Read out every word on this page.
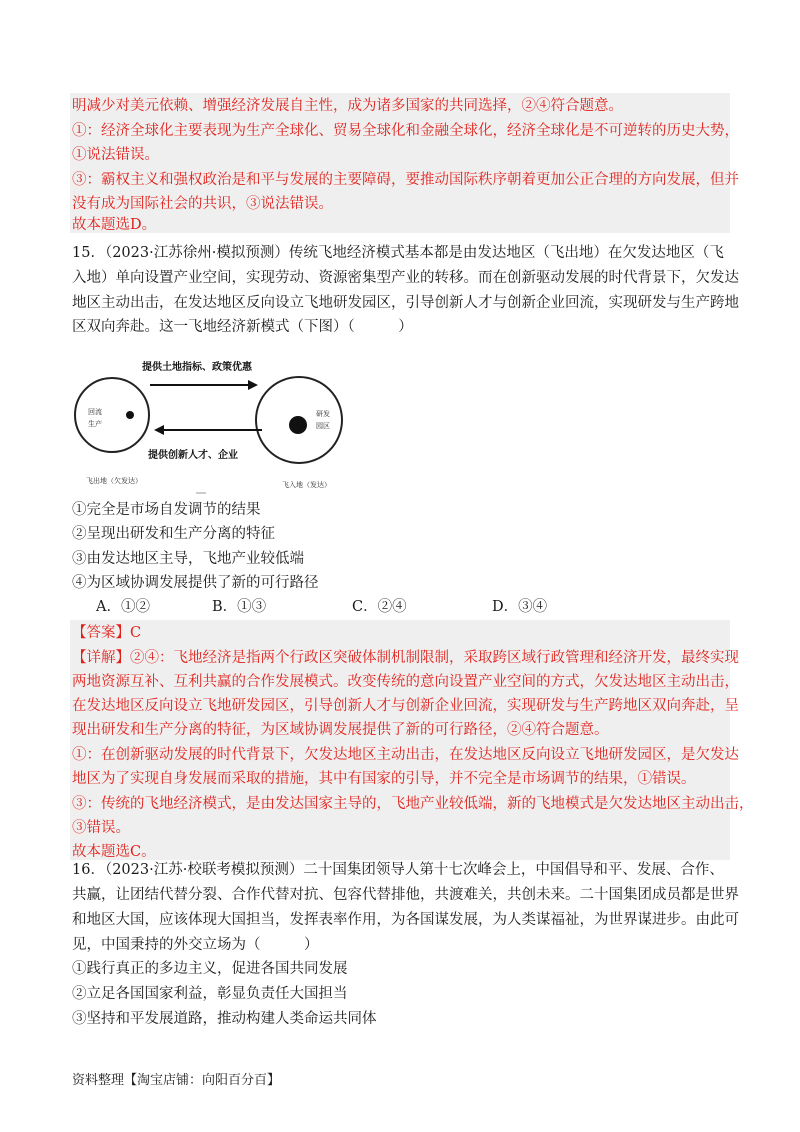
明减少对美元依赖、增强经济发展自主性，成为诸多国家的共同选择，②④符合题意。
①：经济全球化主要表现为生产全球化、贸易全球化和金融全球化，经济全球化是不可逆转的历史大势，
①说法错误。
③：霸权主义和强权政治是和平与发展的主要障碍，要推动国际秩序朝着更加公正合理的方向发展，但并
没有成为国际社会的共识，③说法错误。
故本题选D。
15．（2023·江苏徐州·模拟预测）传统飞地经济模式基本都是由发达地区（飞出地）在欠发达地区（飞
入地）单向设置产业空间，实现劳动、资源密集型产业的转移。而在创新驱动发展的时代背景下，欠发达
地区主动出击，在发达地区反向设立飞地研发园区，引导创新人才与创新企业回流，实现研发与生产跨地
区双向奔赴。这一飞地经济新模式（下图）（　　　）
回流
生产
研发
园区
提供土地指标、政策优惠
提供创新人才、企业
飞出地（欠发达）	飞入地（发达）
①完全是市场自发调节的结果
②呈现出研发和生产分离的特征
③由发达地区主导，飞地产业较低端
④为区域协调发展提供了新的可行路径
A．①②	B．①③	C．②④	D．③④
【答案】C
【详解】②④：飞地经济是指两个行政区突破体制机制限制，采取跨区域行政管理和经济开发，最终实现
两地资源互补、互利共赢的合作发展模式。改变传统的意向设置产业空间的方式，欠发达地区主动出击，
在发达地区反向设立飞地研发园区，引导创新人才与创新企业回流，实现研发与生产跨地区双向奔赴，呈
现出研发和生产分离的特征，为区域协调发展提供了新的可行路径，②④符合题意。
①：在创新驱动发展的时代背景下，欠发达地区主动出击，在发达地区反向设立飞地研发园区，是欠发达
地区为了实现自身发展而采取的措施，其中有国家的引导，并不完全是市场调节的结果，①错误。
③：传统的飞地经济模式，是由发达国家主导的，飞地产业较低端，新的飞地模式是欠发达地区主动出击，
③错误。
故本题选C。
16．（2023·江苏·校联考模拟预测）二十国集团领导人第十七次峰会上，中国倡导和平、发展、合作、
共赢，让团结代替分裂、合作代替对抗、包容代替排他，共渡难关，共创未来。二十国集团成员都是世界
和地区大国，应该体现大国担当，发挥表率作用，为各国谋发展，为人类谋福祉，为世界谋进步。由此可
见，中国秉持的外交立场为（　　　）
①践行真正的多边主义，促进各国共同发展
②立足各国国家利益，彰显负责任大国担当
③坚持和平发展道路，推动构建人类命运共同体
资料整理【淘宝店铺：向阳百分百】
